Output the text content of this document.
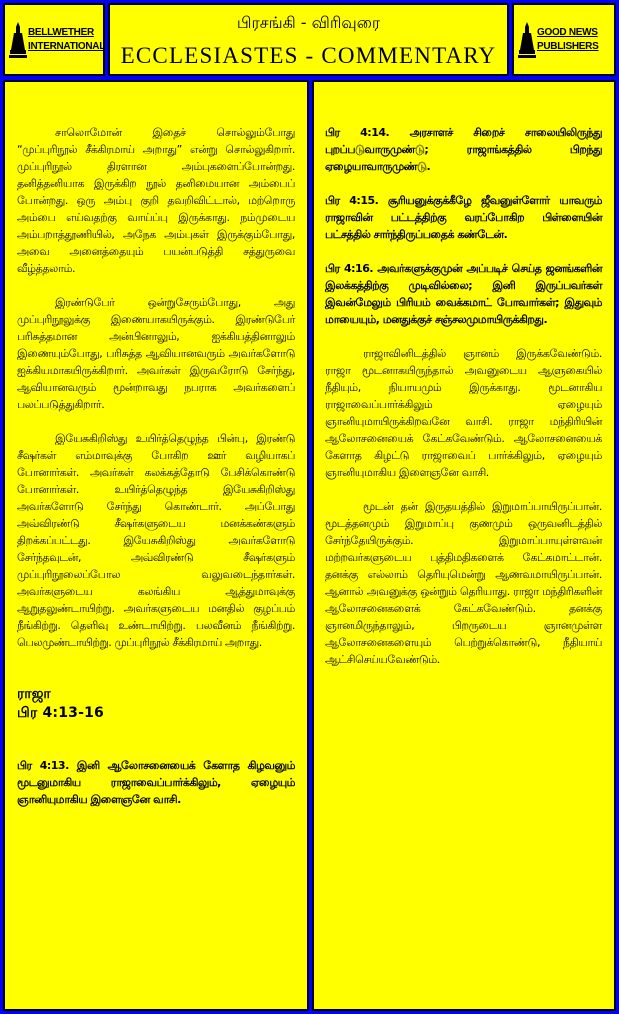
BELLWETHER
INTERNATIONAL
பிரசங்கி - விரிவுரை
ECCLESIASTES - COMMENTARY
GOOD NEWS
PUBLISHERS

சாலொமோன் இதைச் சொல்லும்போது “முப்புரிநூல் சீக்கிரமாய் அறாது” என்று சொல்லுகிறார். முப்புரிநூல் திரளான அம்புகளைப்போன்றது. தனித்தனியாக இருக்கிற நூல் தனிமையான அம்பைப் போன்றது. ஒரு அம்பு குறி தவறிவிட்டால், மற்றொரு அம்பை எய்வதற்கு வாய்ப்பு இருக்காது. நம்முடைய அம்பறாத்தூணியில், அநேக அம்புகள் இருக்கும்போது, அவை அனைத்தையும் பயன்படுத்தி சத்துருவை வீழ்த்தலாம்.

இரண்டுபேர் ஒன்றுசேரும்போது, அது முப்புரிநூலுக்கு இணையாகயிருக்கும். இரண்டுபேர் பரிசுத்தமான அன்பினாலும், ஐக்கியத்தினாலும் இணையும்போது, பரிசுத்த ஆவியானவரும் அவர்களோடு ஐக்கியமாகயிருக்கிறார். அவர்கள் இருவரோடு சேர்ந்து, ஆவியானவரும் மூன்றாவது நபராக அவர்களைப் பலப்படுத்துகிறார்.

இயேசுகிறிஸ்து உயிர்த்தெழுந்த பின்பு, இரண்டு சீஷர்கள் எம்மாவுக்கு போகிற ஊர் வழியாகப் போனார்கள். அவர்கள் கலக்கத்தோடு பேசிக்கொண்டு போனார்கள். உயிர்த்தெழுந்த இயேசுகிறிஸ்து அவர்களோடு சேர்ந்து கொண்டார். அப்போது அவ்விரண்டு சீஷர்களுடைய மனக்கண்களும் திறக்கப்பட்டது. இயேசுகிறிஸ்து அவர்களோடு சேர்ந்தவுடன், அவ்விரண்டு சீஷர்களும் முப்புரிநூலைப்போல வலுவடைந்தார்கள். அவர்களுடைய கலங்கிய ஆத்துமாவுக்கு ஆறுதலுண்டாயிற்று. அவர்களுடைய மனதில் குழப்பம் நீங்கிற்று. தெளிவு உண்டாயிற்று. பலவீனம் நீங்கிற்று. பெலமுண்டாயிற்று. முப்புரிநூல் சீக்கிரமாய் அறாது.

ராஜா

பிர 4:13-16

பிர 4:13. இனி ஆலோசனையைக் கேளாத கிழவனும் மூடனுமாகிய ராஜாவைப்பார்க்கிலும், ஏழையும் ஞானியுமாகிய இளைஞனே வாசி.

பிர 4:14. அரசாளச் சிறைச் சாலையிலிருந்து புறப்படுவாருமுண்டு; ராஜாங்கத்தில் பிறந்து ஏழையாவாருமுண்டு.

பிர 4:15. சூரியனுக்குக்கீழே ஜீவனுள்ளோர் யாவரும் ராஜாவின் பட்டத்திற்கு வரப்போகிற பிள்ளையின் பட்சத்தில் சார்ந்திருப்பதைக் கண்டேன்.

பிர 4:16. அவர்களுக்குமுன் அப்படிச் செய்த ஜனங்களின் இலக்கத்திற்கு முடிவில்லை; இனி இருப்பவர்கள் இவன்மேலும் பிரியம் வைக்கமாட் போவார்கள்; இதுவும் மாயையும், மனதுக்குச் சஞ்சலமுமாயிருக்கிறது.

ராஜாவினிடத்தில் ஞானம் இருக்கவேண்டும். ராஜா மூடனாகயிருந்தால் அவனுடைய ஆளுகையில் நீதியும், நியாயமும் இருக்காது. மூடனாகிய ராஜாவைப்பார்க்கிலும் ஏழையும் ஞானியுமாயிருக்கிறவனே வாசி. ராஜா மந்திரியின் ஆலோசனையைக் கேட்கவேண்டும். ஆலோசனையைக் கேளாத கிழட்டு ராஜாவைப் பார்க்கிலும், ஏழையும் ஞானியுமாகிய இளைஞனே வாசி.

மூடன் தன் இருதயத்தில் இறுமாப்பாயிருப்பான். மூடத்தனமும் இறுமாப்பு குணமும் ஒருவனிடத்தில் சேர்ந்தேயிருக்கும். இறுமாப்பாயுள்ளவன் மற்றவர்களுடைய புத்திமதிகளைக் கேட்கமாட்டான். தனக்கு எல்லாம் தெரியுமென்று ஆணவமாயிருப்பான். ஆனால் அவனுக்கு ஒன்றும் தெரியாது. ராஜா மந்திரிகளின் ஆலோசனைகளைக் கேட்கவேண்டும். தனக்கு ஞானமிருந்தாலும், பிறருடைய ஞானமுள்ள ஆலோசனைகளையும் பெற்றுக்கொண்டு, நீதியாய் ஆட்சிசெய்யவேண்டும்.
